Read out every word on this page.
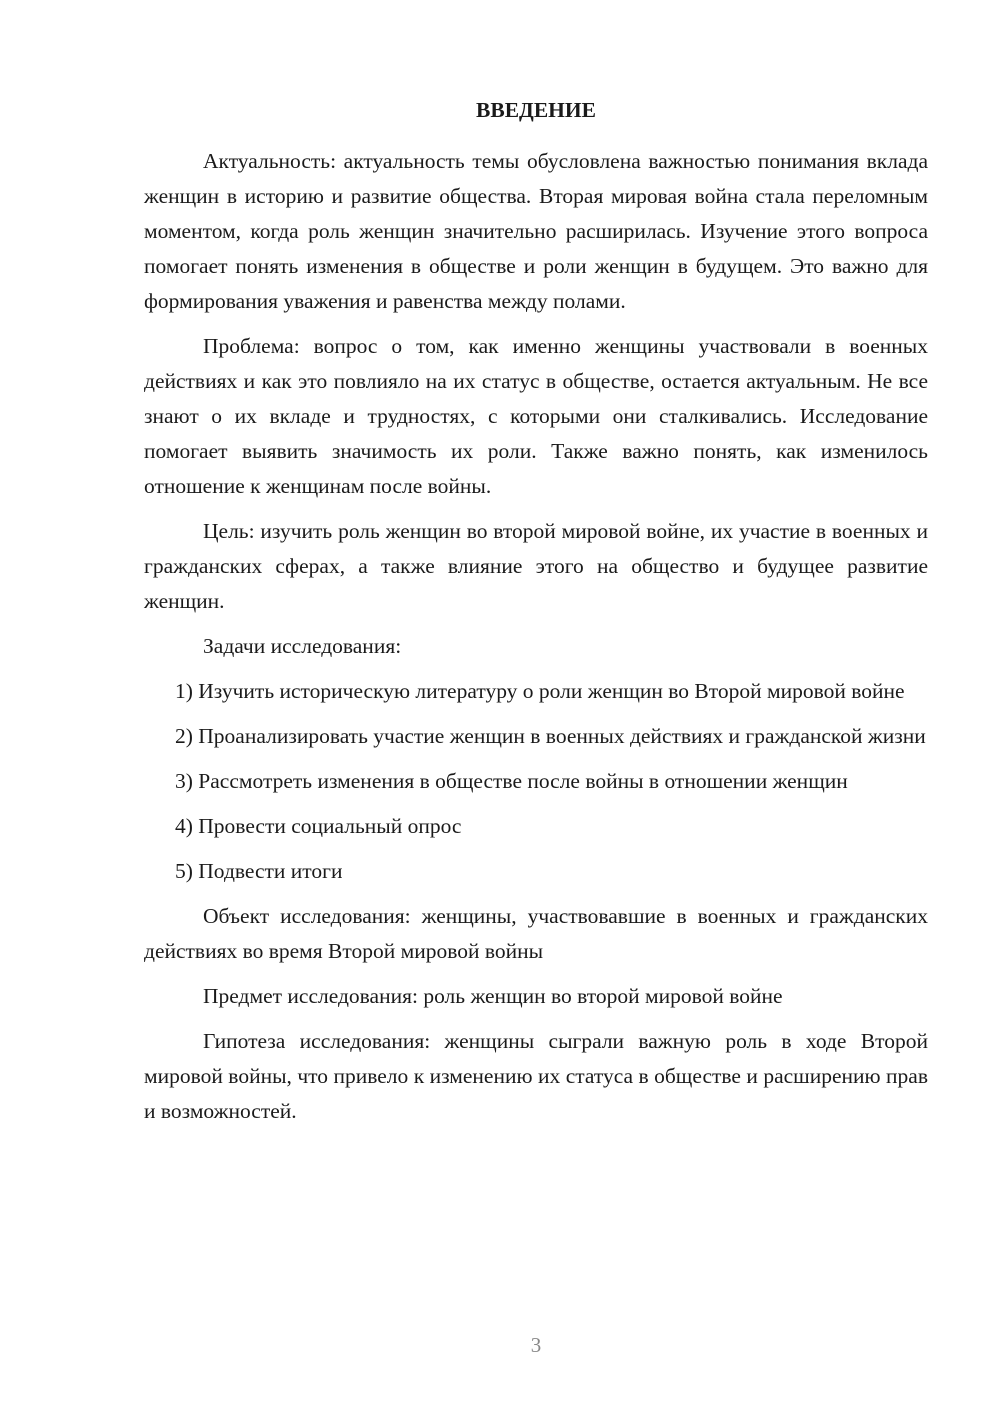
ВВЕДЕНИЕ

Актуальность: актуальность темы обусловлена важностью понимания вклада женщин в историю и развитие общества. Вторая мировая война стала переломным моментом, когда роль женщин значительно расширилась. Изучение этого вопроса помогает понять изменения в обществе и роли женщин в будущем. Это важно для формирования уважения и равенства между полами.

Проблема: вопрос о том, как именно женщины участвовали в военных действиях и как это повлияло на их статус в обществе, остается актуальным. Не все знают о их вкладе и трудностях, с которыми они сталкивались. Исследование помогает выявить значимость их роли. Также важно понять, как изменилось отношение к женщинам после войны.

Цель: изучить роль женщин во второй мировой войне, их участие в военных и гражданских сферах, а также влияние этого на общество и будущее развитие женщин.

Задачи исследования:

1) Изучить историческую литературу о роли женщин во Второй мировой войне

2) Проанализировать участие женщин в военных действиях и гражданской жизни

3) Рассмотреть изменения в обществе после войны в отношении женщин

4) Провести социальный опрос

5) Подвести итоги

Объект исследования: женщины, участвовавшие в военных и гражданских действиях во время Второй мировой войны

Предмет исследования: роль женщин во второй мировой войне

Гипотеза исследования: женщины сыграли важную роль в ходе Второй мировой войны, что привело к изменению их статуса в обществе и расширению прав и возможностей.

3
